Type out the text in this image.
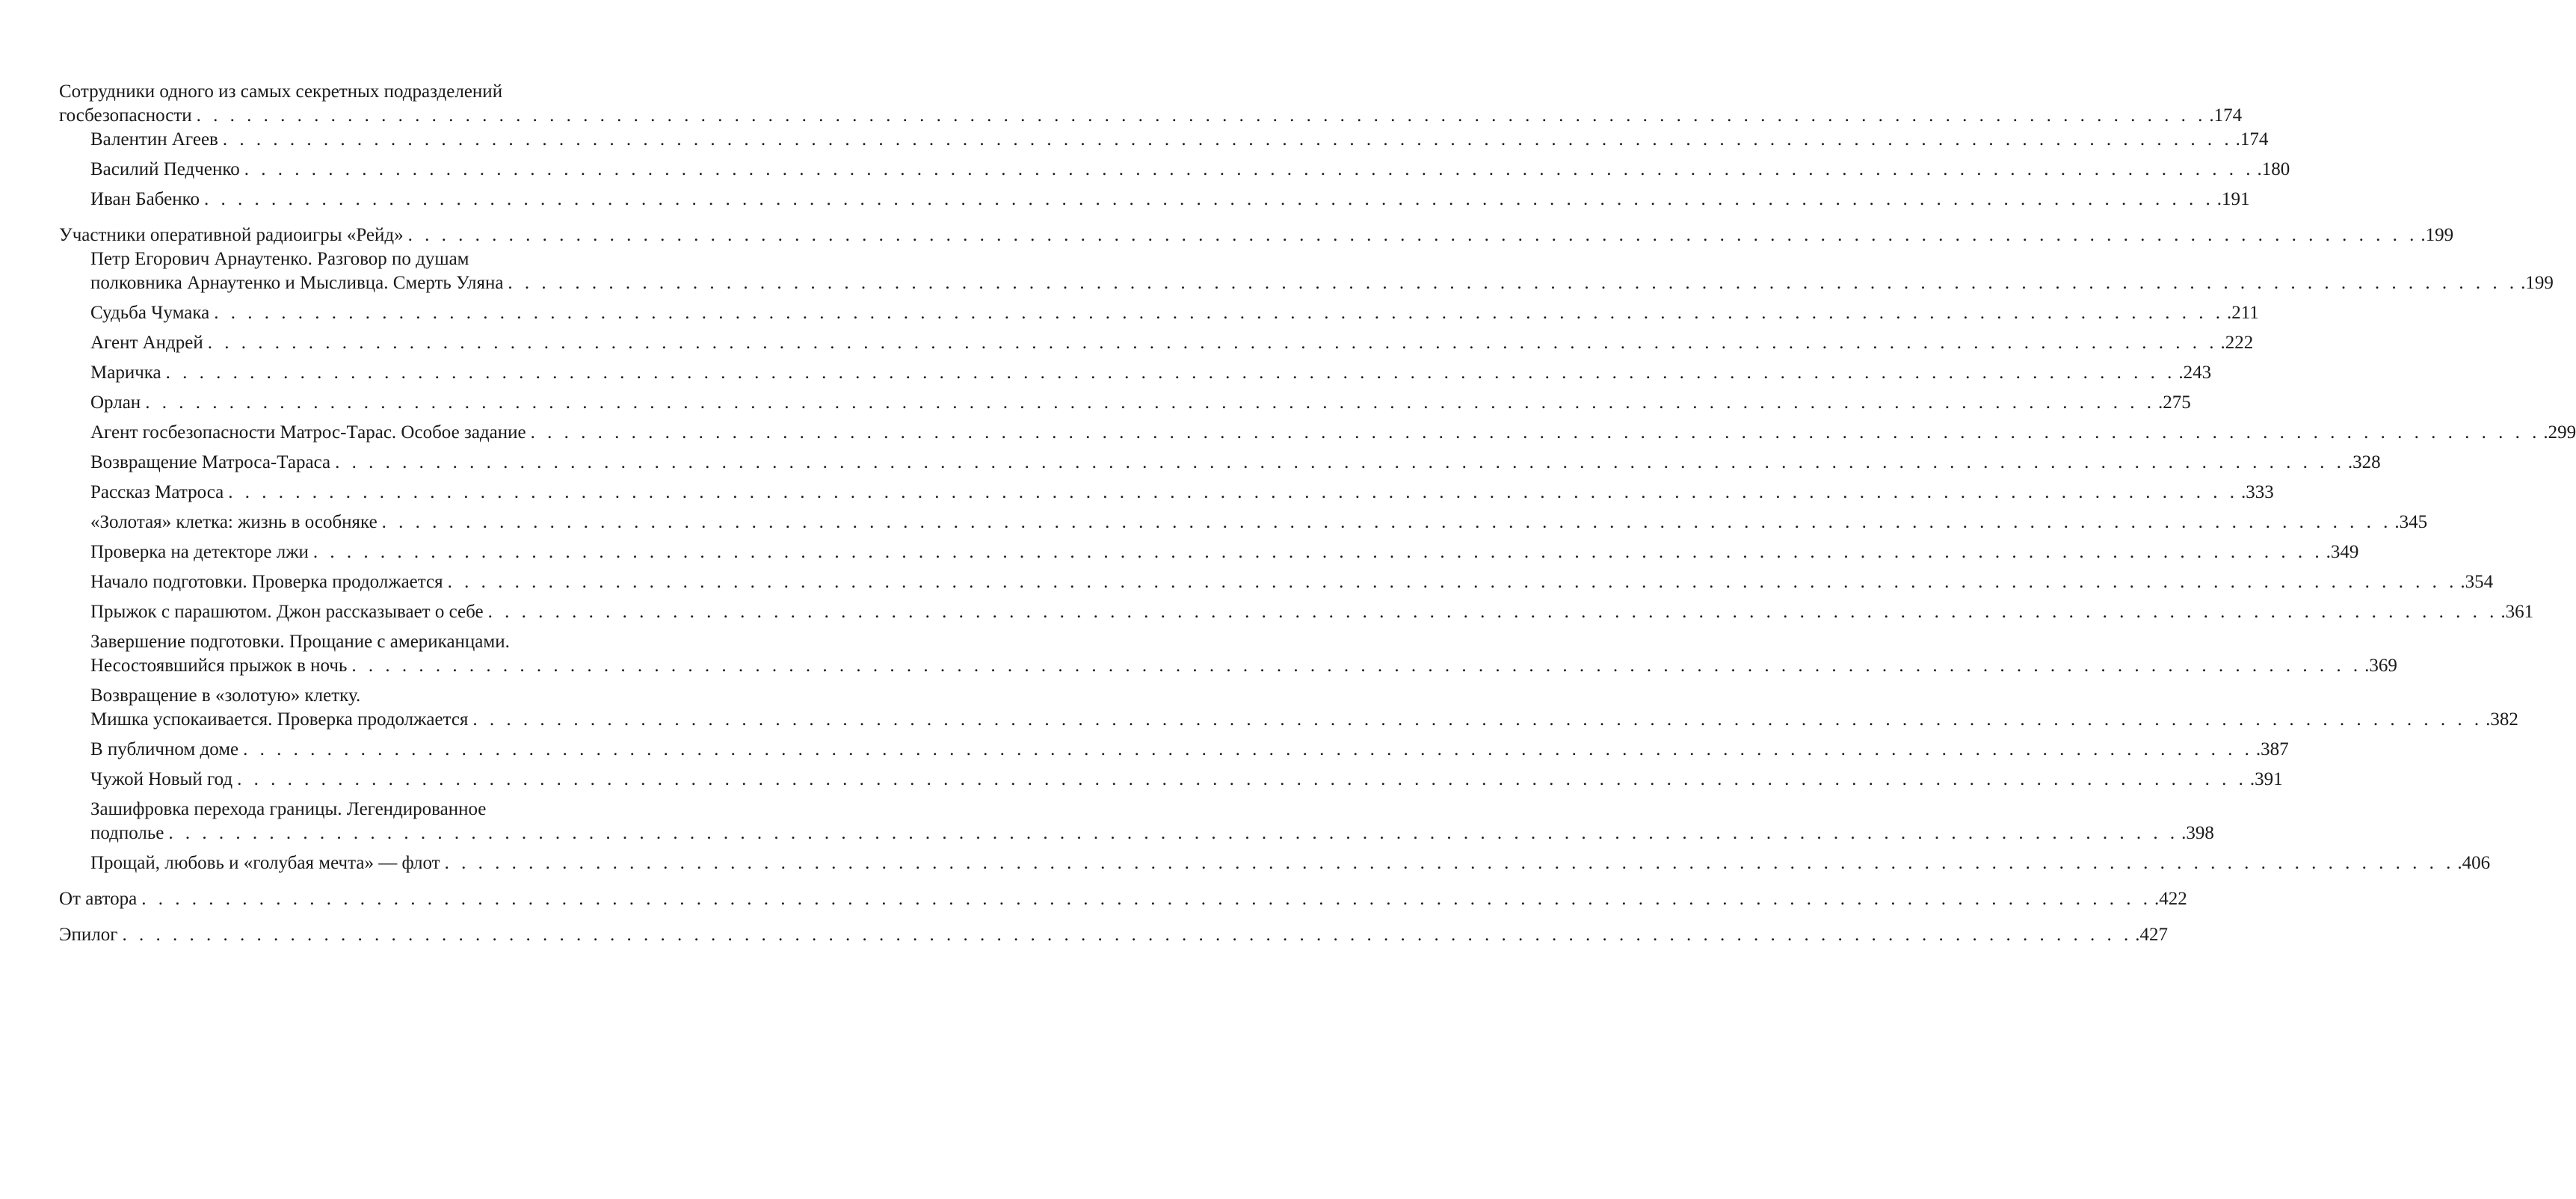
Сотрудники одного из самых секретных подразделений
госбезопасности . . . . . . . . . . . . . . . . . . . . . . . . . . . . . . . . . . . . . . . . . . . . . . . . . . . . . . . . . . . . . . . . . . . . . . . . . . . . . . . . . . . . . . . . . . . . . . . . . . . . . . . . . . . . . . . . . . . . . . . . .174
Валентин Агеев . . . . . . . . . . . . . . . . . . . . . . . . . . . . . . . . . . . . . . . . . . . . . . . . . . . . . . . . . . . . . . . . . . . . . . . . . . . . . . . . . . . . . . . . . . . . . . . . . . . . . . . . . . . . . . . . . . . . . . . . .174
Василий Педченко . . . . . . . . . . . . . . . . . . . . . . . . . . . . . . . . . . . . . . . . . . . . . . . . . . . . . . . . . . . . . . . . . . . . . . . . . . . . . . . . . . . . . . . . . . . . . . . . . . . . . . . . . . . . . . . . . . . . . . . . .180
Иван Бабенко . . . . . . . . . . . . . . . . . . . . . . . . . . . . . . . . . . . . . . . . . . . . . . . . . . . . . . . . . . . . . . . . . . . . . . . . . . . . . . . . . . . . . . . . . . . . . . . . . . . . . . . . . . . . . . . . . . . . . . . . .191
Участники оперативной радиоигры «Рейд» . . . . . . . . . . . . . . . . . . . . . . . . . . . . . . . . . . . . . . . . . . . . . . . . . . . . . . . . . . . . . . . . . . . . . . . . . . . . . . . . . . . . . . . . . . . . . . . . . . . . . . . . . . . . . . . . . . . . . . . . .199
Петр Егорович Арнаутенко. Разговор по душам
полковника Арнаутенко и Мысливца. Смерть Уляна . . . . . . . . . . . . . . . . . . . . . . . . . . . . . . . . . . . . . . . . . . . . . . . . . . . . . . . . . . . . . . . . . . . . . . . . . . . . . . . . . . . . . . . . . . . . . . . . . . . . . . . . . . . . . . . . . . . . . . . . .199
Судьба Чумака . . . . . . . . . . . . . . . . . . . . . . . . . . . . . . . . . . . . . . . . . . . . . . . . . . . . . . . . . . . . . . . . . . . . . . . . . . . . . . . . . . . . . . . . . . . . . . . . . . . . . . . . . . . . . . . . . . . . . . . . .211
Агент Андрей . . . . . . . . . . . . . . . . . . . . . . . . . . . . . . . . . . . . . . . . . . . . . . . . . . . . . . . . . . . . . . . . . . . . . . . . . . . . . . . . . . . . . . . . . . . . . . . . . . . . . . . . . . . . . . . . . . . . . . . . .222
Маричка . . . . . . . . . . . . . . . . . . . . . . . . . . . . . . . . . . . . . . . . . . . . . . . . . . . . . . . . . . . . . . . . . . . . . . . . . . . . . . . . . . . . . . . . . . . . . . . . . . . . . . . . . . . . . . . . . . . . . . . . .243
Орлан . . . . . . . . . . . . . . . . . . . . . . . . . . . . . . . . . . . . . . . . . . . . . . . . . . . . . . . . . . . . . . . . . . . . . . . . . . . . . . . . . . . . . . . . . . . . . . . . . . . . . . . . . . . . . . . . . . . . . . . . .275
Агент госбезопасности Матрос-Тарас. Особое задание . . . . . . . . . . . . . . . . . . . . . . . . . . . . . . . . . . . . . . . . . . . . . . . . . . . . . . . . . . . . . . . . . . . . . . . . . . . . . . . . . . . . . . . . . . . . . . . . . . . . . . . . . . . . . . . . . . . . . . . . .299
Возвращение Матроса-Тараса . . . . . . . . . . . . . . . . . . . . . . . . . . . . . . . . . . . . . . . . . . . . . . . . . . . . . . . . . . . . . . . . . . . . . . . . . . . . . . . . . . . . . . . . . . . . . . . . . . . . . . . . . . . . . . . . . . . . . . . . .328
Рассказ Матроса . . . . . . . . . . . . . . . . . . . . . . . . . . . . . . . . . . . . . . . . . . . . . . . . . . . . . . . . . . . . . . . . . . . . . . . . . . . . . . . . . . . . . . . . . . . . . . . . . . . . . . . . . . . . . . . . . . . . . . . . .333
«Золотая» клетка: жизнь в особняке . . . . . . . . . . . . . . . . . . . . . . . . . . . . . . . . . . . . . . . . . . . . . . . . . . . . . . . . . . . . . . . . . . . . . . . . . . . . . . . . . . . . . . . . . . . . . . . . . . . . . . . . . . . . . . . . . . . . . . . . .345
Проверка на детекторе лжи . . . . . . . . . . . . . . . . . . . . . . . . . . . . . . . . . . . . . . . . . . . . . . . . . . . . . . . . . . . . . . . . . . . . . . . . . . . . . . . . . . . . . . . . . . . . . . . . . . . . . . . . . . . . . . . . . . . . . . . . .349
Начало подготовки. Проверка продолжается . . . . . . . . . . . . . . . . . . . . . . . . . . . . . . . . . . . . . . . . . . . . . . . . . . . . . . . . . . . . . . . . . . . . . . . . . . . . . . . . . . . . . . . . . . . . . . . . . . . . . . . . . . . . . . . . . . . . . . . . .354
Прыжок с парашютом. Джон рассказывает о себе . . . . . . . . . . . . . . . . . . . . . . . . . . . . . . . . . . . . . . . . . . . . . . . . . . . . . . . . . . . . . . . . . . . . . . . . . . . . . . . . . . . . . . . . . . . . . . . . . . . . . . . . . . . . . . . . . . . . . . . . .361
Завершение подготовки. Прощание с американцами.
Несостоявшийся прыжок в ночь . . . . . . . . . . . . . . . . . . . . . . . . . . . . . . . . . . . . . . . . . . . . . . . . . . . . . . . . . . . . . . . . . . . . . . . . . . . . . . . . . . . . . . . . . . . . . . . . . . . . . . . . . . . . . . . . . . . . . . . . .369
Возвращение в «золотую» клетку.
Мишка успокаивается. Проверка продолжается . . . . . . . . . . . . . . . . . . . . . . . . . . . . . . . . . . . . . . . . . . . . . . . . . . . . . . . . . . . . . . . . . . . . . . . . . . . . . . . . . . . . . . . . . . . . . . . . . . . . . . . . . . . . . . . . . . . . . . . . .382
В публичном доме . . . . . . . . . . . . . . . . . . . . . . . . . . . . . . . . . . . . . . . . . . . . . . . . . . . . . . . . . . . . . . . . . . . . . . . . . . . . . . . . . . . . . . . . . . . . . . . . . . . . . . . . . . . . . . . . . . . . . . . . .387
Чужой Новый год . . . . . . . . . . . . . . . . . . . . . . . . . . . . . . . . . . . . . . . . . . . . . . . . . . . . . . . . . . . . . . . . . . . . . . . . . . . . . . . . . . . . . . . . . . . . . . . . . . . . . . . . . . . . . . . . . . . . . . . . .391
Зашифровка перехода границы. Легендированное
подполье . . . . . . . . . . . . . . . . . . . . . . . . . . . . . . . . . . . . . . . . . . . . . . . . . . . . . . . . . . . . . . . . . . . . . . . . . . . . . . . . . . . . . . . . . . . . . . . . . . . . . . . . . . . . . . . . . . . . . . . . .398
Прощай, любовь и «голубая мечта» — флот . . . . . . . . . . . . . . . . . . . . . . . . . . . . . . . . . . . . . . . . . . . . . . . . . . . . . . . . . . . . . . . . . . . . . . . . . . . . . . . . . . . . . . . . . . . . . . . . . . . . . . . . . . . . . . . . . . . . . . . . .406
От автора . . . . . . . . . . . . . . . . . . . . . . . . . . . . . . . . . . . . . . . . . . . . . . . . . . . . . . . . . . . . . . . . . . . . . . . . . . . . . . . . . . . . . . . . . . . . . . . . . . . . . . . . . . . . . . . . . . . . . . . . .422
Эпилог . . . . . . . . . . . . . . . . . . . . . . . . . . . . . . . . . . . . . . . . . . . . . . . . . . . . . . . . . . . . . . . . . . . . . . . . . . . . . . . . . . . . . . . . . . . . . . . . . . . . . . . . . . . . . . . . . . . . . . . . .427
